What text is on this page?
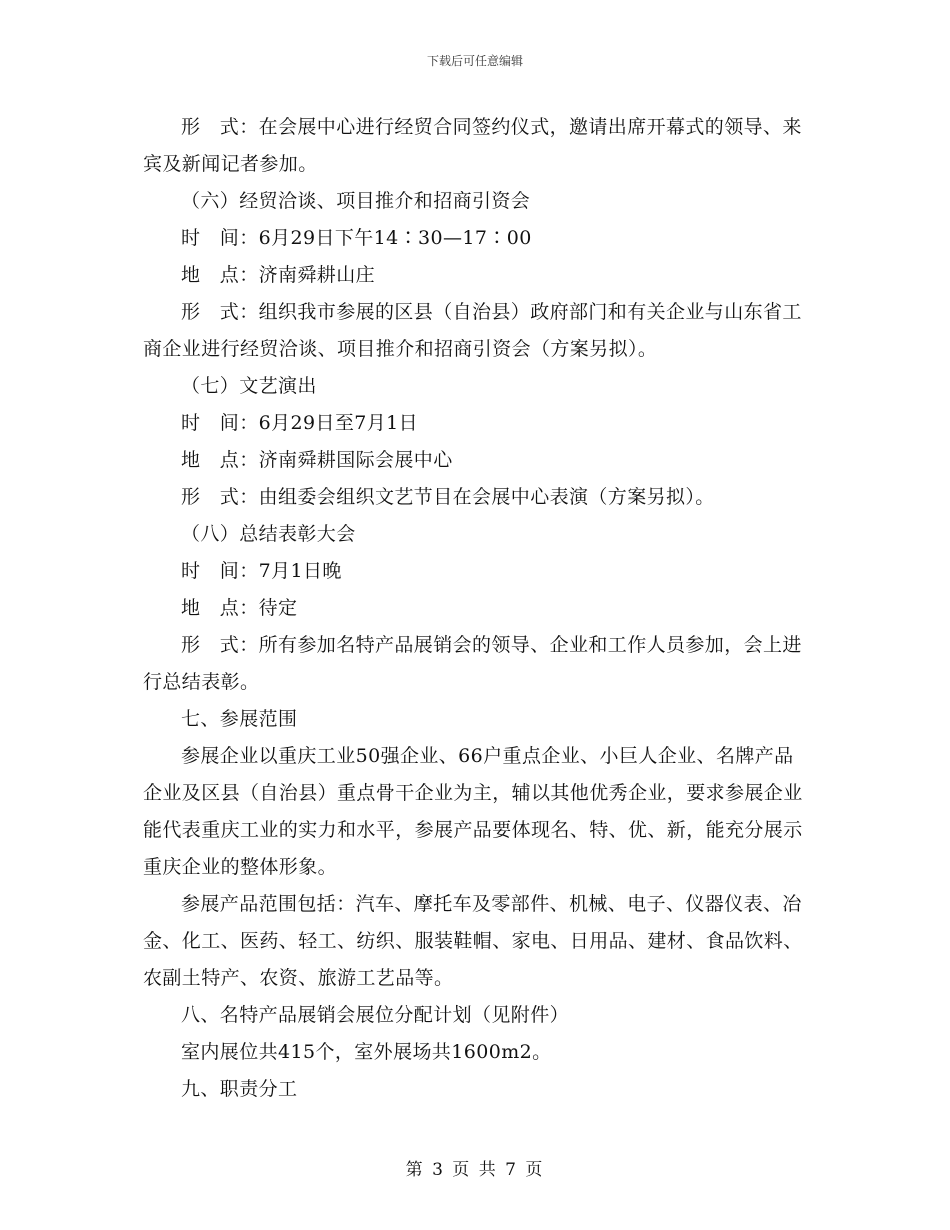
下载后可任意编辑

形　式：在会展中心进行经贸合同签约仪式，邀请出席开幕式的领导、来宾及新闻记者参加。

（六）经贸洽谈、项目推介和招商引资会

时　间：6月29日下午14∶30—17∶00

地　点：济南舜耕山庄

形　式：组织我市参展的区县（自治县）政府部门和有关企业与山东省工商企业进行经贸洽谈、项目推介和招商引资会（方案另拟）。

（七）文艺演出

时　间：6月29日至7月1日

地　点：济南舜耕国际会展中心

形　式：由组委会组织文艺节目在会展中心表演（方案另拟）。

（八）总结表彰大会

时　间：7月1日晚

地　点：待定

形　式：所有参加名特产品展销会的领导、企业和工作人员参加，会上进行总结表彰。

七、参展范围

参展企业以重庆工业50强企业、66户重点企业、小巨人企业、名牌产品企业及区县（自治县）重点骨干企业为主，辅以其他优秀企业，要求参展企业能代表重庆工业的实力和水平，参展产品要体现名、特、优、新，能充分展示重庆企业的整体形象。

参展产品范围包括：汽车、摩托车及零部件、机械、电子、仪器仪表、冶金、化工、医药、轻工、纺织、服装鞋帽、家电、日用品、建材、食品饮料、农副土特产、农资、旅游工艺品等。

八、名特产品展销会展位分配计划（见附件）

室内展位共415个，室外展场共1600m2。

九、职责分工

第 3 页 共 7 页
